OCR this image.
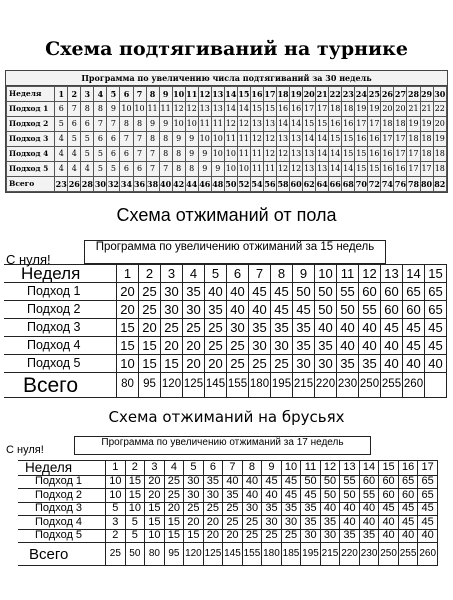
Схема подтягиваний на турнике
Программа по увеличению числа подтягиваний за 30 недель
Неделя	1	2	3	4	5	6	7	8	9	10	11	12	13	14	15	16	17	18	19	20	21	22	23	24	25	26	27	28	29	30
Подход 1	6	7	8	8	9	10	10	11	11	12	12	13	13	14	14	15	15	16	16	17	17	18	18	19	19	20	20	21	21	22
Подход 2	5	6	6	7	7	8	8	9	9	10	10	11	11	12	12	13	13	14	14	15	15	16	16	17	17	18	18	19	19	20
Подход 3	4	5	5	6	6	7	7	8	8	9	9	10	10	11	11	12	12	13	13	14	14	15	15	16	16	17	17	18	18	19
Подход 4	4	4	5	5	6	6	7	7	8	8	9	9	10	10	11	11	12	12	13	13	14	14	15	15	16	16	17	17	18	18
Подход 5	4	4	4	5	5	6	6	7	7	8	8	9	9	10	10	11	11	12	12	13	13	14	14	15	15	16	16	17	17	18
Всего	23	26	28	30	32	34	36	38	40	42	44	46	48	50	52	54	56	58	60	62	64	66	68	70	72	74	76	78	80	82
Схема отжиманий от пола
С нуля!
Программа по увеличению отжиманий за 15 недель
Неделя	1	2	3	4	5	6	7	8	9	10	11	12	13	14	15
Подход 1	20	25	30	35	40	40	45	45	50	50	55	60	60	65	65
Подход 2	20	25	30	30	35	40	40	45	45	50	50	55	60	60	65
Подход 3	15	20	25	25	25	30	35	35	35	40	40	40	45	45	45
Подход 4	15	15	20	20	25	25	30	30	35	35	40	40	40	45	45
Подход 5	10	15	15	20	20	25	25	25	30	30	35	35	40	40	40
Всего	80	95	120	125	145	155	180	195	215	220	230	250	255	260	
Схема отжиманий на брусьях
С нуля!
Программа по увеличению отжиманий за 17 недель
Неделя	1	2	3	4	5	6	7	8	9	10	11	12	13	14	15	16	17
Подход 1	10	15	20	25	30	35	40	40	45	45	50	50	55	60	60	65	65
Подход 2	10	15	20	25	30	30	35	40	40	45	45	50	50	55	60	60	65
Подход 3	5	10	15	20	25	25	25	30	35	35	35	40	40	40	45	45	45
Подход 4	3	5	15	15	20	20	25	25	30	30	35	35	40	40	40	45	45
Подход 5	2	5	10	15	15	20	20	25	25	25	30	30	35	35	40	40	40
Всего	25	50	80	95	120	125	145	155	180	185	195	215	220	230	250	255	260
